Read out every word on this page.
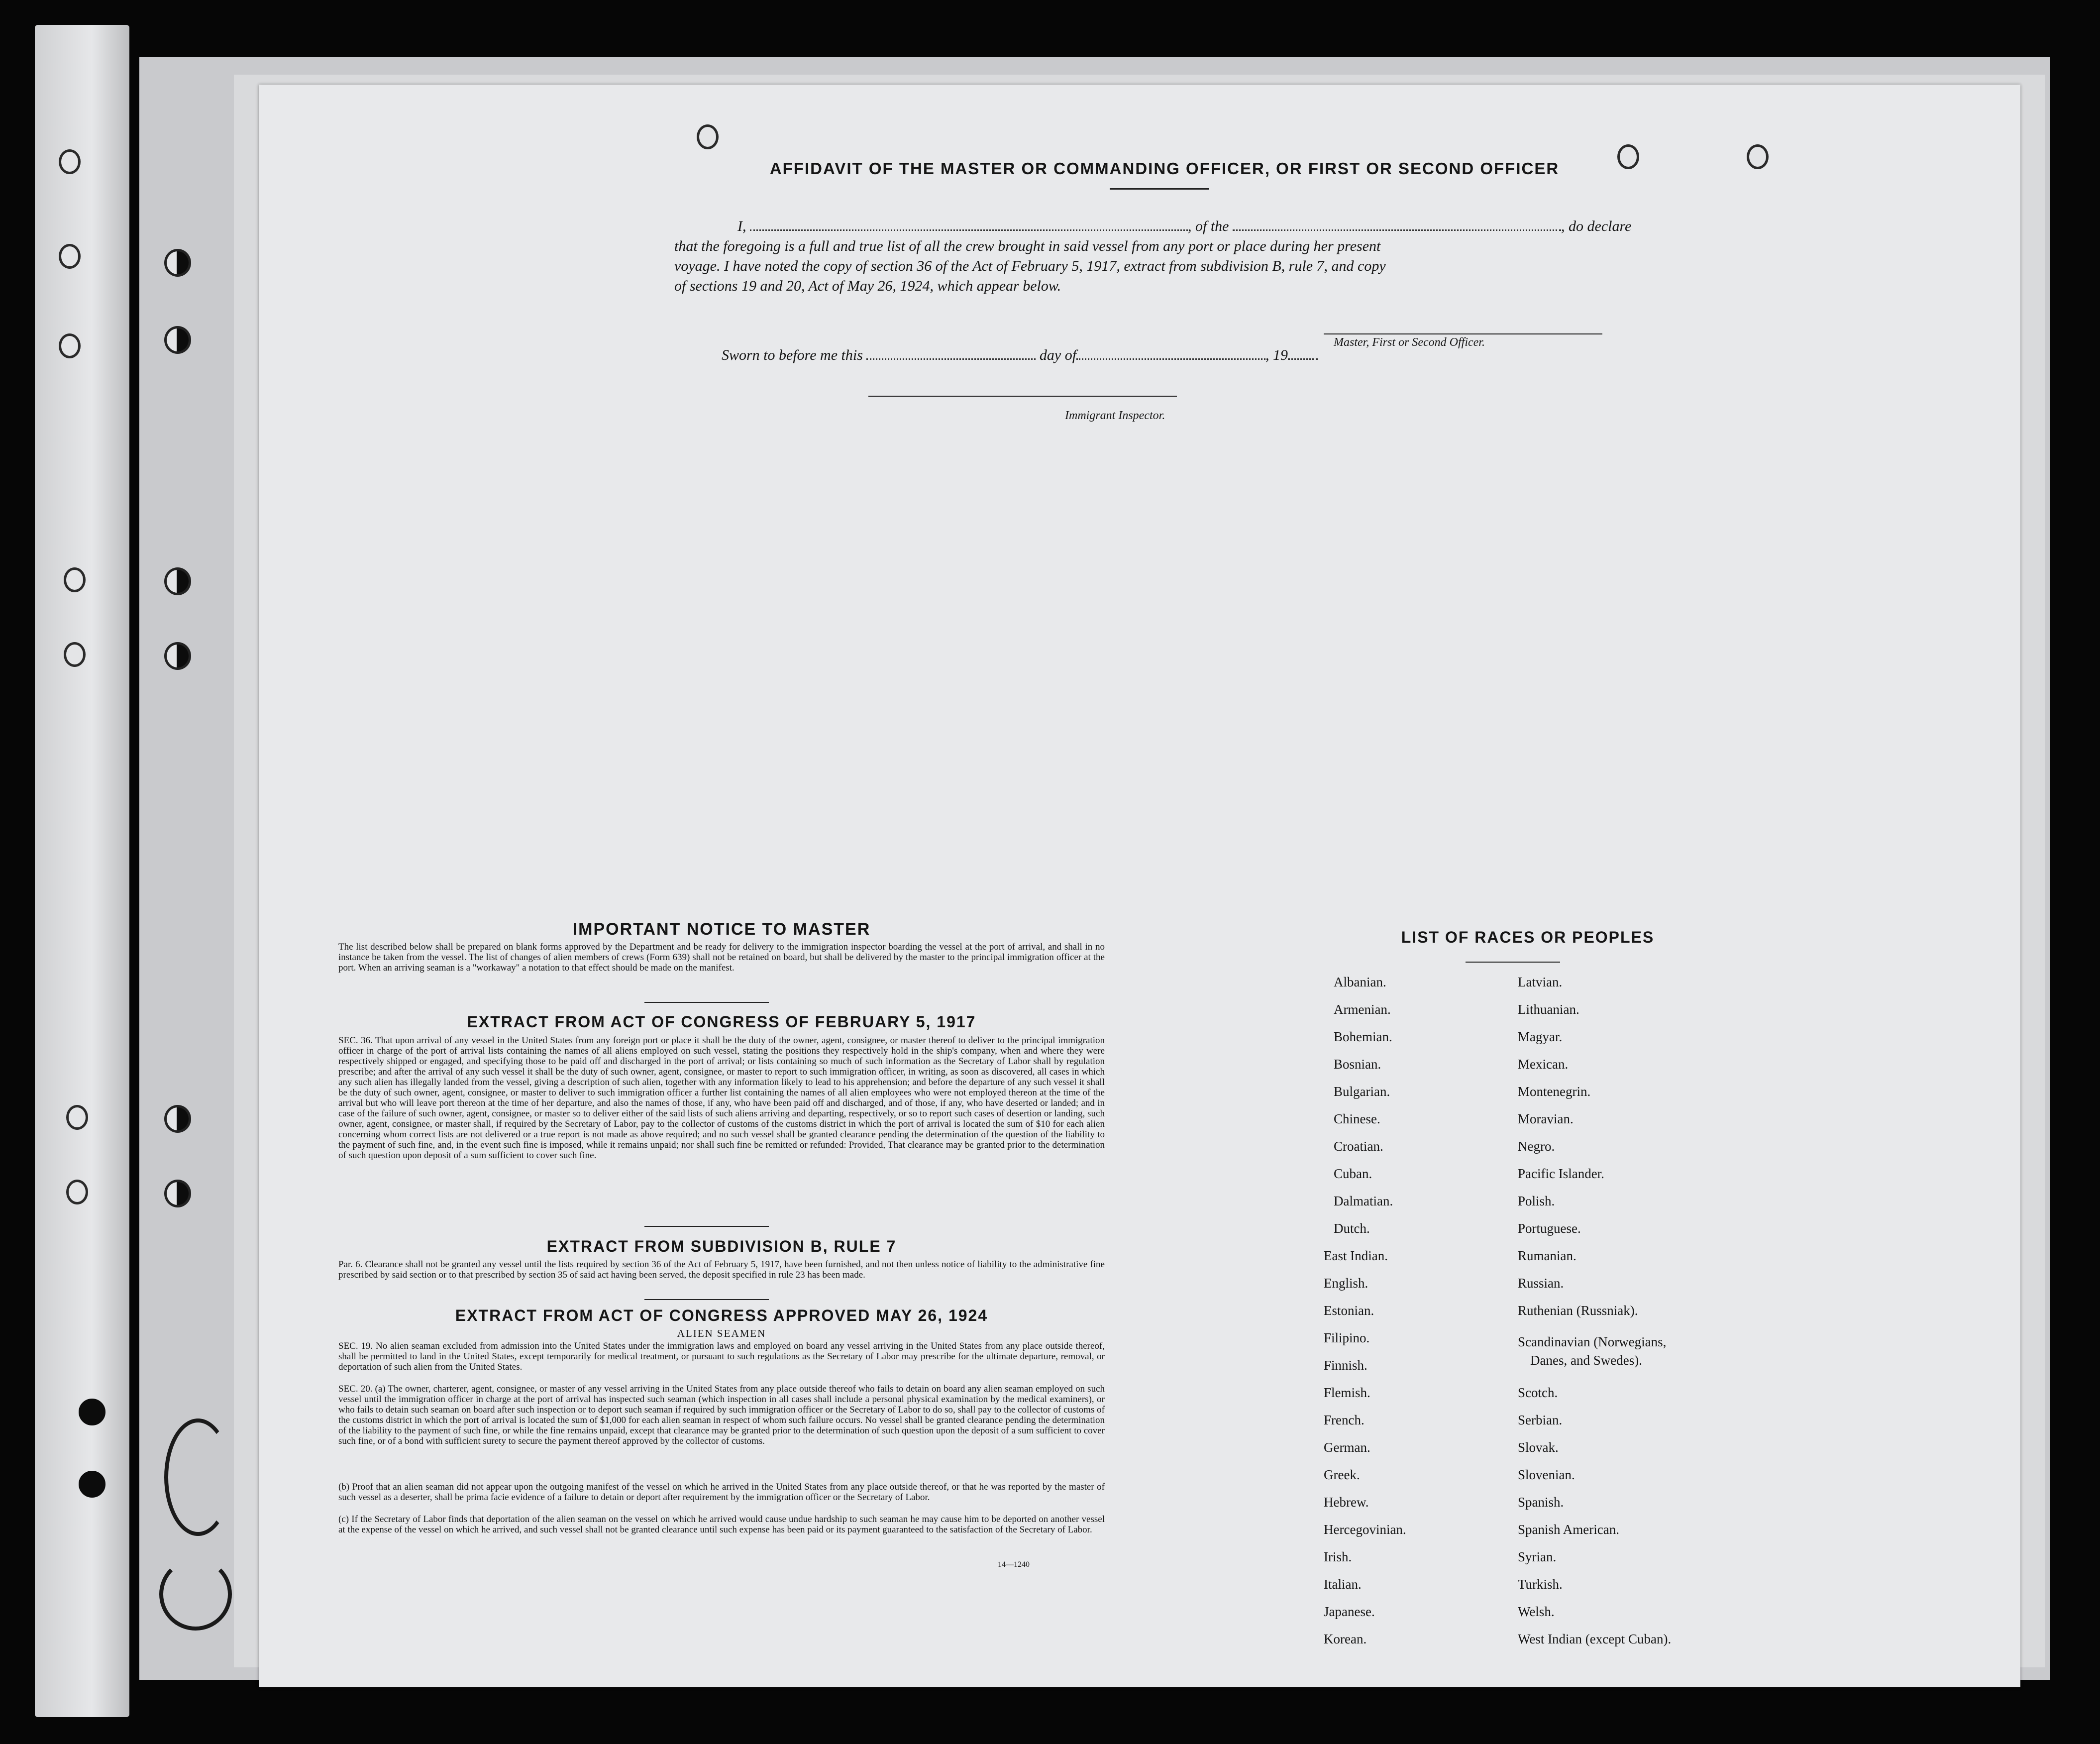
AFFIDAVIT OF THE MASTER OR COMMANDING OFFICER, OR FIRST OR SECOND OFFICER
I,	, of the	, do declare
that the foregoing is a full and true list of all the crew brought in said vessel from any port or place during her present
voyage. I have noted the copy of section 36 of the Act of February 5, 1917, extract from subdivision B, rule 7, and copy
of sections 19 and 20, Act of May 26, 1924, which appear below.
Master, First or Second Officer.
Sworn to before me this	day of	, 19
Immigrant Inspector.
IMPORTANT NOTICE TO MASTER
The list described below shall be prepared on blank forms approved by the Department and be ready for delivery to the immigration inspector boarding the vessel at the port of arrival, and shall in no instance be taken from the vessel. The list of changes of alien members of crews (Form 639) shall not be retained on board, but shall be delivered by the master to the principal immigration officer at the port. When an arriving seaman is a "workaway" a notation to that effect should be made on the manifest.
EXTRACT FROM ACT OF CONGRESS OF FEBRUARY 5, 1917
SEC. 36. That upon arrival of any vessel in the United States from any foreign port or place it shall be the duty of the owner, agent, consignee, or master thereof to deliver to the principal immigration officer in charge of the port of arrival lists containing the names of all aliens employed on such vessel, stating the positions they respectively hold in the ship's company, when and where they were respectively shipped or engaged, and specifying those to be paid off and discharged in the port of arrival; or lists containing so much of such information as the Secretary of Labor shall by regulation prescribe; and after the arrival of any such vessel it shall be the duty of such owner, agent, consignee, or master to report to such immigration officer, in writing, as soon as discovered, all cases in which any such alien has illegally landed from the vessel, giving a description of such alien, together with any information likely to lead to his apprehension; and before the departure of any such vessel it shall be the duty of such owner, agent, consignee, or master to deliver to such immigration officer a further list containing the names of all alien employees who were not employed thereon at the time of the arrival but who will leave port thereon at the time of her departure, and also the names of those, if any, who have been paid off and discharged, and of those, if any, who have deserted or landed; and in case of the failure of such owner, agent, consignee, or master so to deliver either of the said lists of such aliens arriving and departing, respectively, or so to report such cases of desertion or landing, such owner, agent, consignee, or master shall, if required by the Secretary of Labor, pay to the collector of customs of the customs district in which the port of arrival is located the sum of $10 for each alien concerning whom correct lists are not delivered or a true report is not made as above required; and no such vessel shall be granted clearance pending the determination of the question of the liability to the payment of such fine, and, in the event such fine is imposed, while it remains unpaid; nor shall such fine be remitted or refunded: Provided, That clearance may be granted prior to the determination of such question upon deposit of a sum sufficient to cover such fine.
EXTRACT FROM SUBDIVISION B, RULE 7
Par. 6. Clearance shall not be granted any vessel until the lists required by section 36 of the Act of February 5, 1917, have been furnished, and not then unless notice of liability to the administrative fine prescribed by said section or to that prescribed by section 35 of said act having been served, the deposit specified in rule 23 has been made.
EXTRACT FROM ACT OF CONGRESS APPROVED MAY 26, 1924
ALIEN SEAMEN
SEC. 19. No alien seaman excluded from admission into the United States under the immigration laws and employed on board any vessel arriving in the United States from any place outside thereof, shall be permitted to land in the United States, except temporarily for medical treatment, or pursuant to such regulations as the Secretary of Labor may prescribe for the ultimate departure, removal, or deportation of such alien from the United States.
SEC. 20. (a) The owner, charterer, agent, consignee, or master of any vessel arriving in the United States from any place outside thereof who fails to detain on board any alien seaman employed on such vessel until the immigration officer in charge at the port of arrival has inspected such seaman (which inspection in all cases shall include a personal physical examination by the medical examiners), or who fails to detain such seaman on board after such inspection or to deport such seaman if required by such immigration officer or the Secretary of Labor to do so, shall pay to the collector of customs of the customs district in which the port of arrival is located the sum of $1,000 for each alien seaman in respect of whom such failure occurs. No vessel shall be granted clearance pending the determination of the liability to the payment of such fine, or while the fine remains unpaid, except that clearance may be granted prior to the determination of such question upon the deposit of a sum sufficient to cover such fine, or of a bond with sufficient surety to secure the payment thereof approved by the collector of customs.
(b) Proof that an alien seaman did not appear upon the outgoing manifest of the vessel on which he arrived in the United States from any place outside thereof, or that he was reported by the master of such vessel as a deserter, shall be prima facie evidence of a failure to detain or deport after requirement by the immigration officer or the Secretary of Labor.
(c) If the Secretary of Labor finds that deportation of the alien seaman on the vessel on which he arrived would cause undue hardship to such seaman he may cause him to be deported on another vessel at the expense of the vessel on which he arrived, and such vessel shall not be granted clearance until such expense has been paid or its payment guaranteed to the satisfaction of the Secretary of Labor.
14—1240
LIST OF RACES OR PEOPLES
Albanian.
Armenian.
Bohemian.
Bosnian.
Bulgarian.
Chinese.
Croatian.
Cuban.
Dalmatian.
Dutch.
East Indian.
English.
Estonian.
Filipino.
Finnish.
Flemish.
French.
German.
Greek.
Hebrew.
Hercegovinian.
Irish.
Italian.
Japanese.
Korean.
Latvian.
Lithuanian.
Magyar.
Mexican.
Montenegrin.
Moravian.
Negro.
Pacific Islander.
Polish.
Portuguese.
Rumanian.
Russian.
Ruthenian (Russniak).
Scandinavian (Norwegians,
Scotch.
Serbian.
Slovak.
Slovenian.
Spanish.
Spanish American.
Syrian.
Turkish.
Welsh.
West Indian (except Cuban).
Danes, and Swedes).
